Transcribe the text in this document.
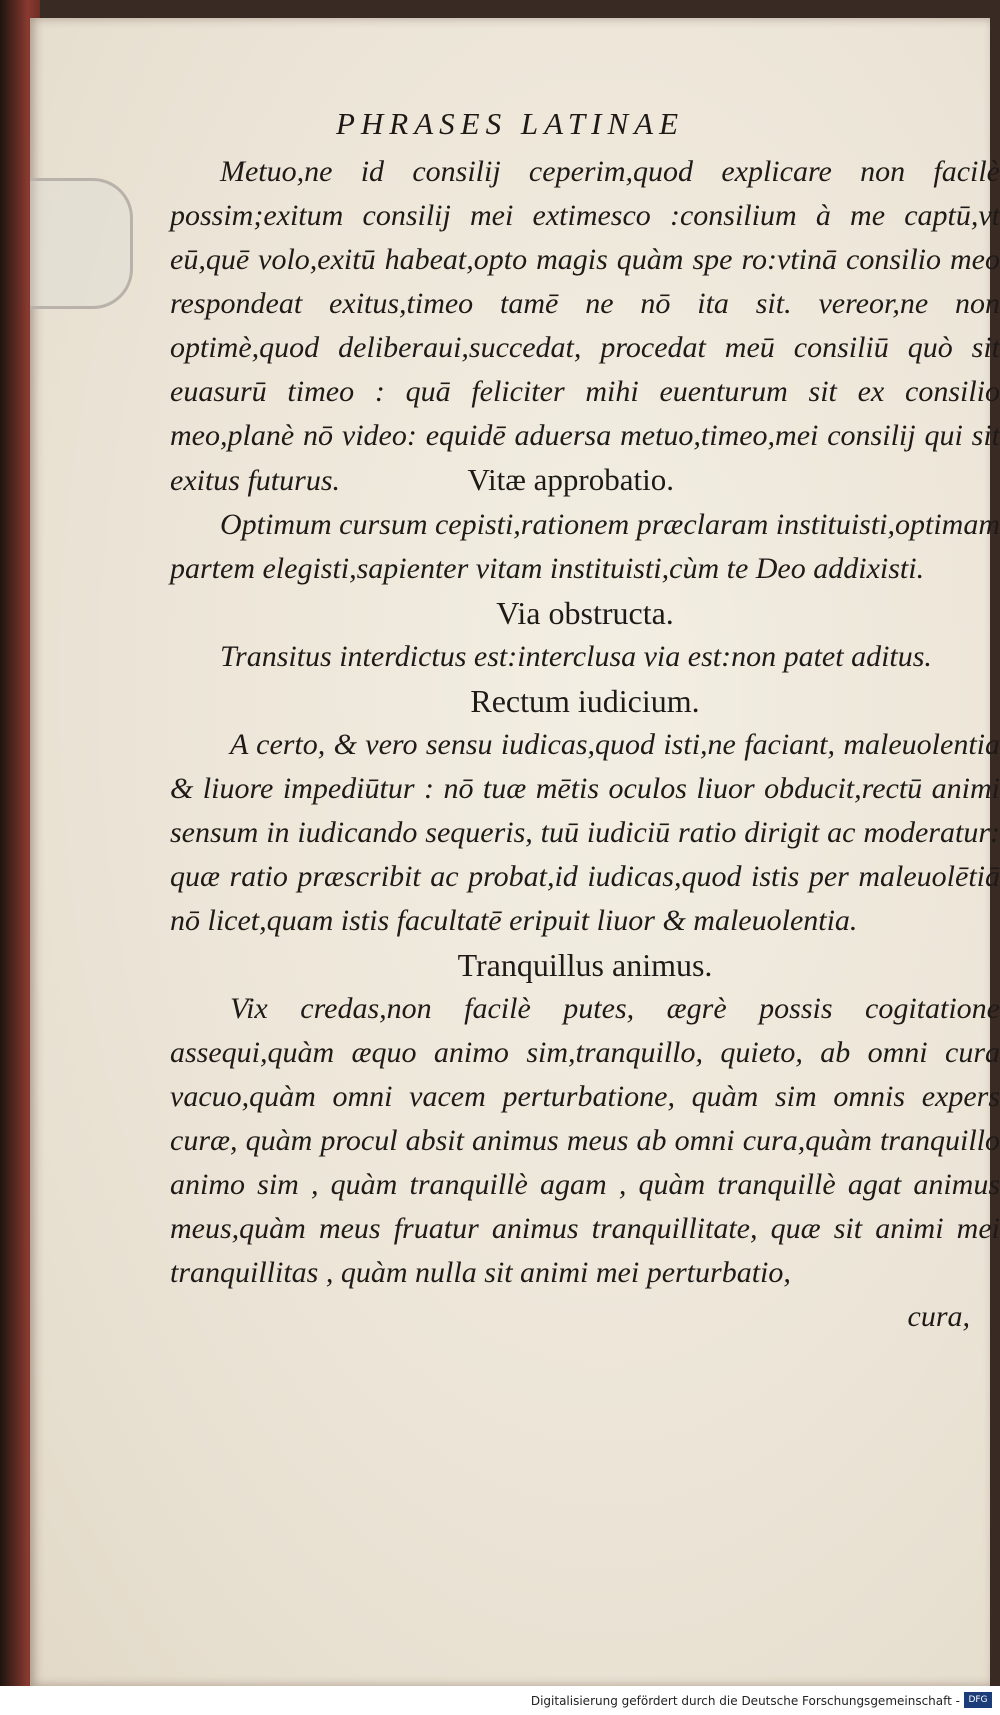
PHRASES LATINAE

Metuo,ne id consilij ceperim,quod explicare non facilè possim;exitum consilij mei extimesco :consilium à me captū,vt eū,quē volo,exitū habeat,opto magis quàm spe ro:vtinā consilio meo respondeat exitus,timeo tamē ne nō ita sit. vereor,ne non optimè,quod deliberaui,succedat, procedat meū consiliū quò sit euasurū timeo : quā feliciter mihi euenturum sit ex consilio meo,planè nō video: equidē aduersa metuo,timeo,mei consilij qui sit exitus futurus.	Vitæ approbatio.

Optimum cursum cepisti,rationem præclaram instituisti,optimam partem elegisti,sapienter vitam instituisti,cùm te Deo addixisti.

Via obstructa.

Transitus interdictus est:interclusa via est:non patet aditus.

Rectum iudicium.

A certo, & vero sensu iudicas,quod isti,ne faciant, maleuolentia & liuore impediūtur : nō tuæ mētis oculos liuor obducit,rectū animi sensum in iudicando sequeris, tuū iudiciū ratio dirigit ac moderatur: quæ ratio præscribit ac probat,id iudicas,quod istis per maleuolētiā nō licet,quam istis facultatē eripuit liuor & maleuolentia.

Tranquillus animus.

Vix credas,non facilè putes, ægrè possis cogitatione assequi,quàm æquo animo sim,tranquillo, quieto, ab omni cura vacuo,quàm omni vacem perturbatione, quàm sim omnis expers curæ, quàm procul absit animus meus ab omni cura,quàm tranquillo animo sim , quàm tranquillè agam , quàm tranquillè agat animus meus,quàm meus fruatur animus tranquillitate, quæ sit animi mei tranquillitas , quàm nulla sit animi mei perturbatio,

cura,

Digitalisierung gefördert durch die Deutsche Forschungsgemeinschaft - DFG
